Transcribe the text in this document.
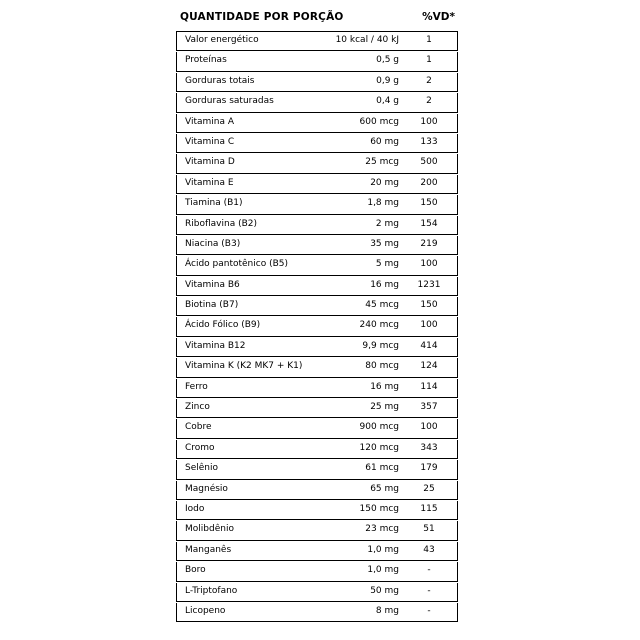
QUANTIDADE POR PORÇÃO	%VD*
Valor energético	10 kcal / 40 kJ	1
Proteínas	0,5 g	1
Gorduras totais	0,9 g	2
Gorduras saturadas	0,4 g	2
Vitamina A	600 mcg	100
Vitamina C	60 mg	133
Vitamina D	25 mcg	500
Vitamina E	20 mg	200
Tiamina (B1)	1,8 mg	150
Riboflavina (B2)	2 mg	154
Niacina (B3)	35 mg	219
Ácido pantotênico (B5)	5 mg	100
Vitamina B6	16 mg	1231
Biotina (B7)	45 mcg	150
Ácido Fólico (B9)	240 mcg	100
Vitamina B12	9,9 mcg	414
Vitamina K (K2 MK7 + K1)	80 mcg	124
Ferro	16 mg	114
Zinco	25 mg	357
Cobre	900 mcg	100
Cromo	120 mcg	343
Selênio	61 mcg	179
Magnésio	65 mg	25
Iodo	150 mcg	115
Molibdênio	23 mcg	51
Manganês	1,0 mg	43
Boro	1,0 mg	-
L-Triptofano	50 mg	-
Licopeno	8 mg	-
